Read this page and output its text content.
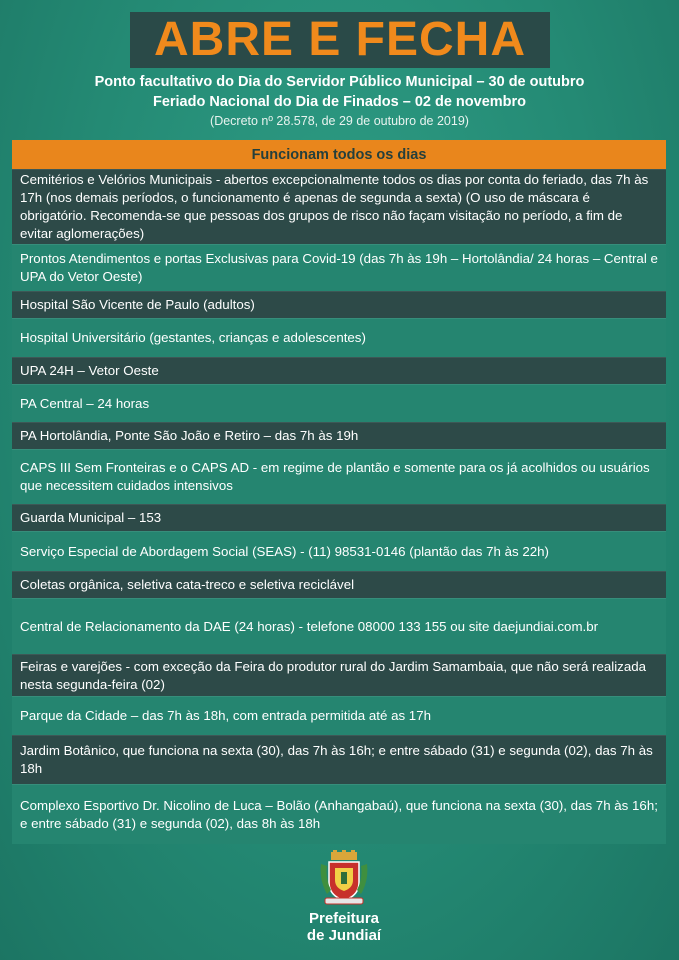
ABRE E FECHA
Ponto facultativo do Dia do Servidor Público Municipal – 30 de outubro
Feriado Nacional do Dia de Finados – 02 de novembro
(Decreto nº 28.578, de 29 de outubro de 2019)
Funcionam todos os dias
Cemitérios e Velórios Municipais - abertos excepcionalmente todos os dias por conta do feriado, das 7h às 17h (nos demais períodos, o funcionamento é apenas de segunda a sexta) (O uso de máscara é obrigatório. Recomenda-se que pessoas dos grupos de risco não façam visitação no período, a fim de evitar aglomerações)
Prontos Atendimentos e portas Exclusivas para Covid-19 (das 7h às 19h – Hortolândia/ 24 horas – Central e UPA do Vetor Oeste)
Hospital São Vicente de Paulo (adultos)
Hospital Universitário (gestantes, crianças e adolescentes)
UPA 24H – Vetor Oeste
PA Central – 24 horas
PA Hortolândia, Ponte São João e Retiro – das 7h às 19h
CAPS III Sem Fronteiras e o CAPS AD - em regime de plantão e somente para os já acolhidos ou usuários que necessitem cuidados intensivos
Guarda Municipal – 153
Serviço Especial de Abordagem Social (SEAS) - (11) 98531-0146 (plantão das 7h às 22h)
Coletas orgânica, seletiva cata-treco e seletiva reciclável
Central de Relacionamento da DAE (24 horas) - telefone 08000 133 155 ou site daejundiai.com.br
Feiras e varejões - com exceção da Feira do produtor rural do Jardim Samambaia, que não será realizada nesta segunda-feira (02)
Parque da Cidade – das 7h às 18h, com entrada permitida até as 17h
Jardim Botânico, que funciona na sexta (30), das 7h às 16h; e entre sábado (31) e segunda (02), das 7h às 18h
Complexo Esportivo Dr. Nicolino de Luca – Bolão (Anhangabaú), que funciona na sexta (30), das 7h às 16h; e entre sábado (31) e segunda (02), das 8h às 18h
Prefeitura
de Jundiaí
